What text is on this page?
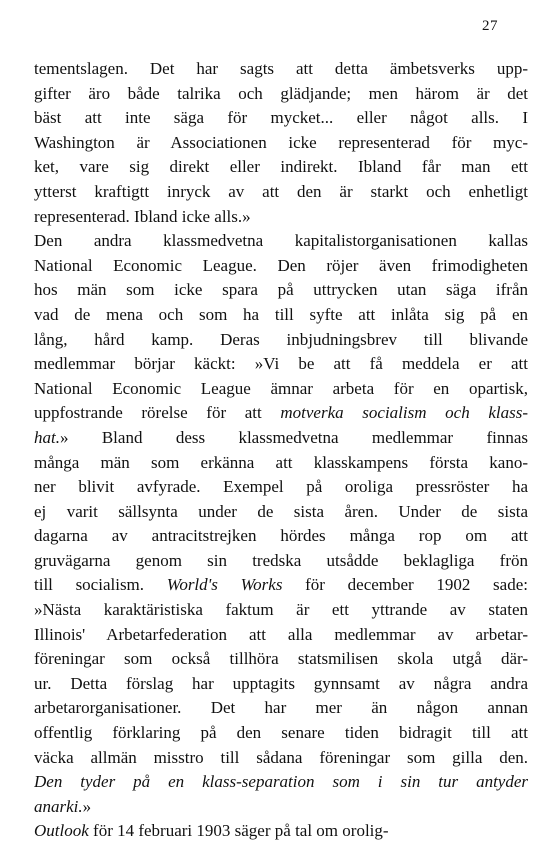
27
tementslagen. Det har sagts att detta ämbetsverks upp-
gifter äro både talrika och glädjande; men härom är det
bäst att inte säga för mycket... eller något alls. I
Washington är Associationen icke representerad för myc-
ket, vare sig direkt eller indirekt. Ibland får man ett
ytterst kraftigtt inryck av att den är starkt och enhetligt
representerad. Ibland icke alls.»
Den andra klassmedvetna kapitalistorganisationen kallas
National Economic League. Den röjer även frimodigheten
hos män som icke spara på uttrycken utan säga ifrån
vad de mena och som ha till syfte att inlåta sig på en
lång, hård kamp. Deras inbjudningsbrev till blivande
medlemmar börjar käckt: »Vi be att få meddela er att
National Economic League ämnar arbeta för en opartisk,
uppfostrande rörelse för att motverka socialism och klass-
hat.» Bland dess klassmedvetna medlemmar finnas
många män som erkänna att klasskampens första kano-
ner blivit avfyrade. Exempel på oroliga pressröster ha
ej varit sällsynta under de sista åren. Under de sista
dagarna av antracitstrejken hördes många rop om att
gruvägarna genom sin tredska utsådde beklagliga frön
till socialism. World's Works för december 1902 sade:
»Nästa karaktäristiska faktum är ett yttrande av staten
Illinois' Arbetarfederation att alla medlemmar av arbetar-
föreningar som också tillhöra statsmilisen skola utgå där-
ur. Detta förslag har upptagits gynnsamt av några andra
arbetarorganisationer. Det har mer än någon annan
offentlig förklaring på den senare tiden bidragit till att
väcka allmän misstro till sådana föreningar som gilla den.
Den tyder på en klass-separation som i sin tur antyder
anarki.»
Outlook för 14 februari 1903 säger på tal om orolig-
